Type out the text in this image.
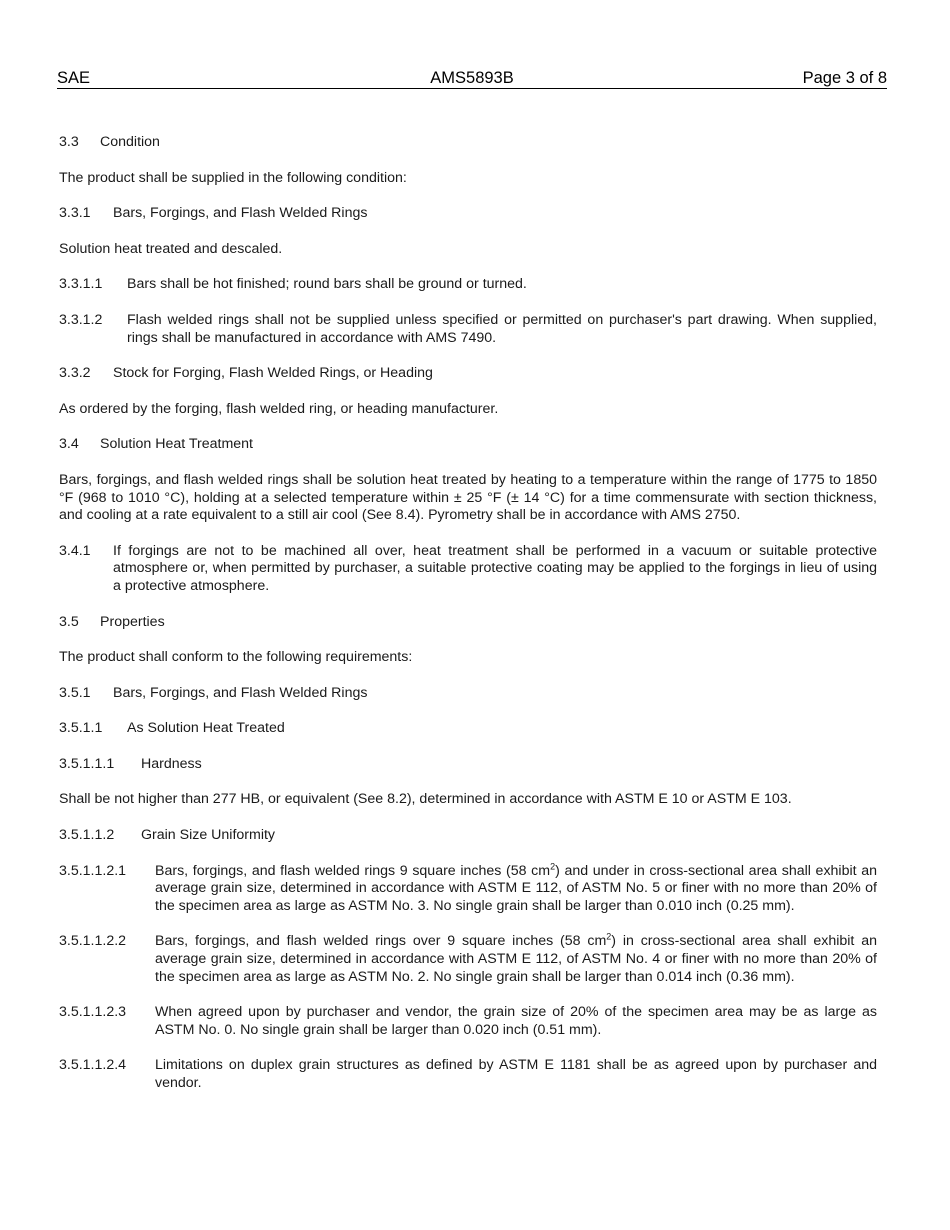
SAE	AMS5893B	Page 3 of 8
3.3	Condition

The product shall be supplied in the following condition:

3.3.1	Bars, Forgings, and Flash Welded Rings

Solution heat treated and descaled.

3.3.1.1	Bars shall be hot finished; round bars shall be ground or turned.
3.3.1.2	Flash welded rings shall not be supplied unless specified or permitted on purchaser's part drawing. When supplied, rings shall be manufactured in accordance with AMS 7490.
3.3.2	Stock for Forging, Flash Welded Rings, or Heading

As ordered by the forging, flash welded ring, or heading manufacturer.

3.4	Solution Heat Treatment

Bars, forgings, and flash welded rings shall be solution heat treated by heating to a temperature within the range of 1775 to 1850 °F (968 to 1010 °C), holding at a selected temperature within ± 25 °F (± 14 °C) for a time commensurate with section thickness, and cooling at a rate equivalent to a still air cool (See 8.4). Pyrometry shall be in accordance with AMS 2750.

3.4.1	If forgings are not to be machined all over, heat treatment shall be performed in a vacuum or suitable protective atmosphere or, when permitted by purchaser, a suitable protective coating may be applied to the forgings in lieu of using a protective atmosphere.
3.5	Properties

The product shall conform to the following requirements:

3.5.1	Bars, Forgings, and Flash Welded Rings
3.5.1.1	As Solution Heat Treated
3.5.1.1.1	Hardness

Shall be not higher than 277 HB, or equivalent (See 8.2), determined in accordance with ASTM E 10 or ASTM E 103.

3.5.1.1.2	Grain Size Uniformity
3.5.1.1.2.1	Bars, forgings, and flash welded rings 9 square inches (58 $cm^2$) and under in cross-sectional area shall exhibit an average grain size, determined in accordance with ASTM E 112, of ASTM No. 5 or finer with no more than 20% of the specimen area as large as ASTM No. 3. No single grain shall be larger than 0.010 inch (0.25 mm).
3.5.1.1.2.2	Bars, forgings, and flash welded rings over 9 square inches (58 $cm^2$) in cross-sectional area shall exhibit an average grain size, determined in accordance with ASTM E 112, of ASTM No. 4 or finer with no more than 20% of the specimen area as large as ASTM No. 2. No single grain shall be larger than 0.014 inch (0.36 mm).
3.5.1.1.2.3	When agreed upon by purchaser and vendor, the grain size of 20% of the specimen area may be as large as ASTM No. 0. No single grain shall be larger than 0.020 inch (0.51 mm).
3.5.1.1.2.4	Limitations on duplex grain structures as defined by ASTM E 1181 shall be as agreed upon by purchaser and vendor.
